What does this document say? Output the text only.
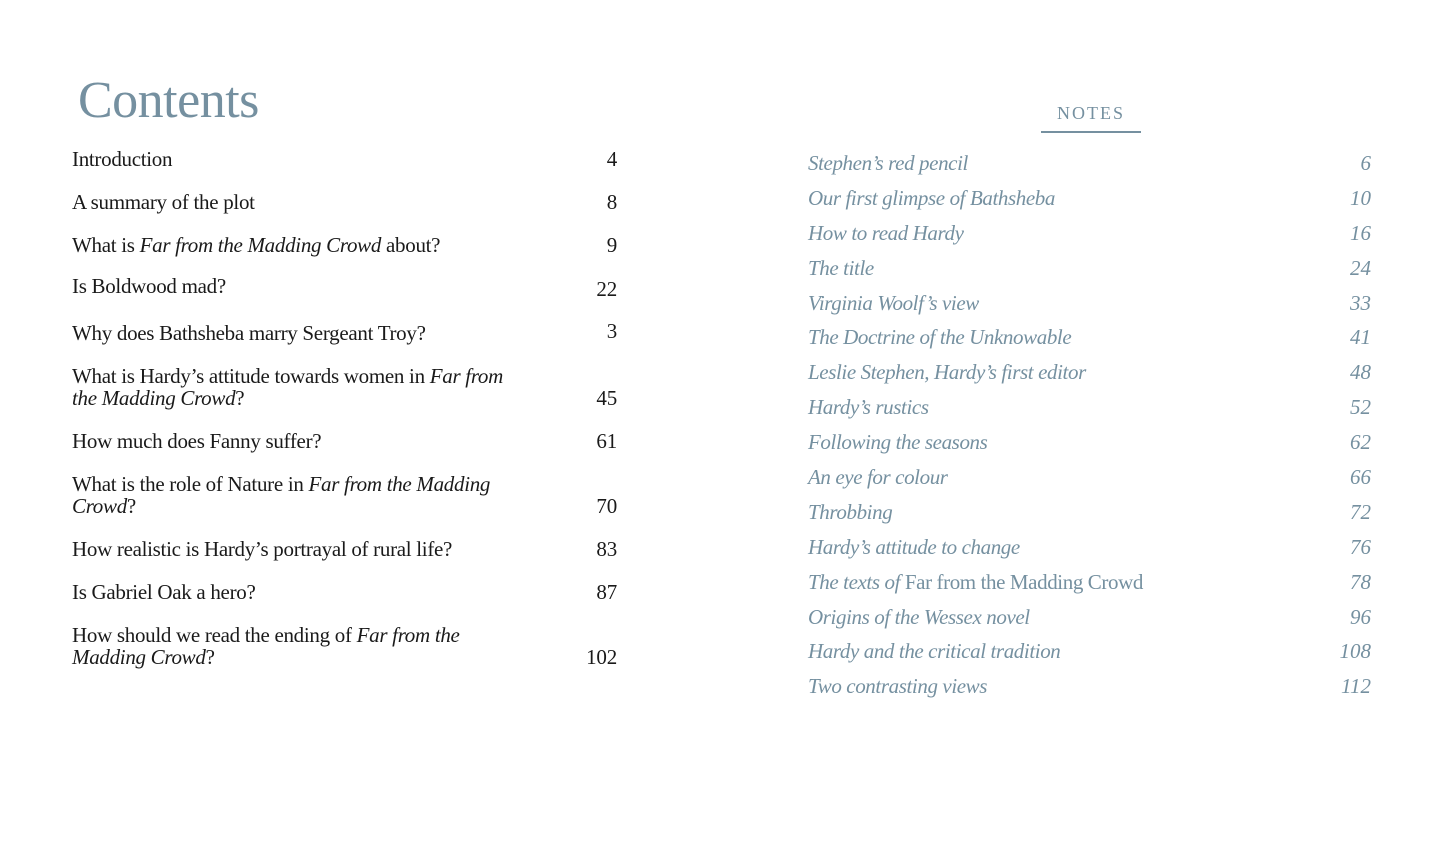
Contents
Introduction	4
A summary of the plot	8
What is Far from the Madding Crowd about?	9
Is Boldwood mad?	22
Why does Bathsheba marry Sergeant Troy?	3
What is Hardy’s attitude towards women in Far from the Madding Crowd?	45
How much does Fanny suffer?	61
What is the role of Nature in Far from the Madding Crowd?	70
How realistic is Hardy’s portrayal of rural life?	83
Is Gabriel Oak a hero?	87
How should we read the ending of Far from the Madding Crowd?	102
NOTES
Stephen’s red pencil	6
Our first glimpse of Bathsheba	10
How to read Hardy	16
The title	24
Virginia Woolf’s view	33
The Doctrine of the Unknowable	41
Leslie Stephen, Hardy’s first editor	48
Hardy’s rustics	52
Following the seasons	62
An eye for colour	66
Throbbing	72
Hardy’s attitude to change	76
The texts of Far from the Madding Crowd	78
Origins of the Wessex novel	96
Hardy and the critical tradition	108
Two contrasting views	112
